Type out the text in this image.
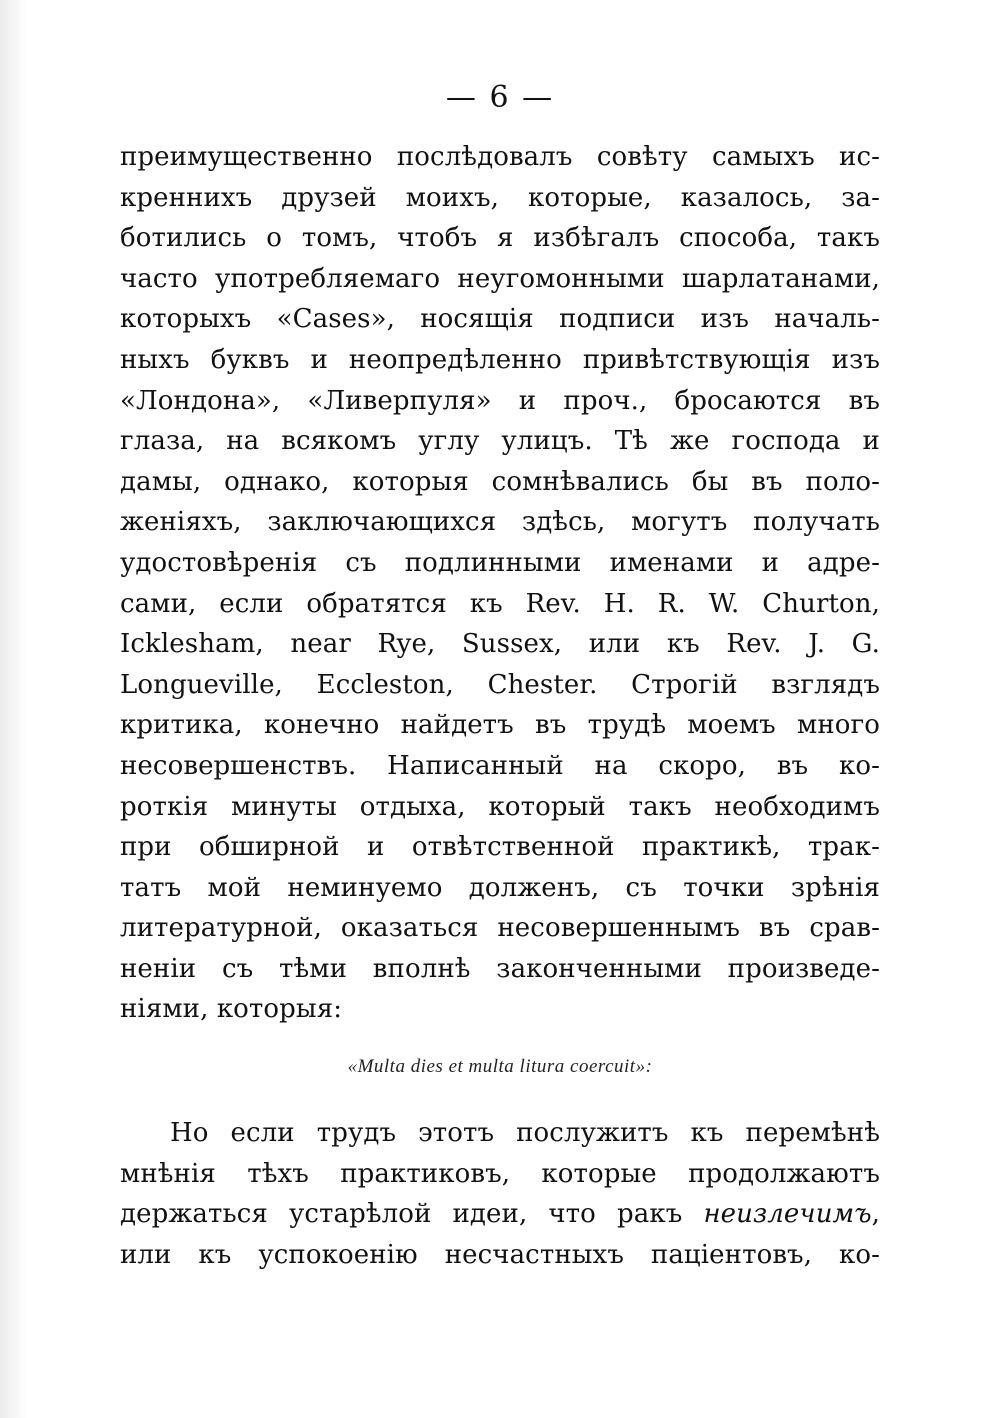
— 6 —
преимущественно послѣдовалъ совѣту самыхъ ис-
кренниxъ друзей моихъ, которые, казалось, за-
ботились о томъ, чтобъ я избѣгалъ способа, такъ
часто употребляемаго неугомонными шарлатанами,
которыхъ «Cases», носящія подписи изъ началь-
ныхъ буквъ и неопредѣленно привѣтствующія изъ
«Лондона», «Ливерпуля» и проч., бросаются въ
глаза, на всякомъ углу улицъ. Тѣ же господа и
дамы, однако, которыя сомнѣвались бы въ поло-
женіяхъ, заключающихся здѣсь, могутъ получать
удостовѣренія съ подлинными именами и адре-
сами, если обратятся къ Rev. H. R. W. Churton,
Icklesham, near Rye, Sussex, или къ Rev. J. G.
Longueville, Eccleston, Chester. Строгій взглядъ
критика, конечно найдетъ въ трудѣ моемъ много
несовершенствъ. Написанный на скоро, въ ко-
роткія минуты отдыха, который такъ необходимъ
при обширной и отвѣтственной практикѣ, трак-
татъ мой неминуемо долженъ, съ точки зрѣнія
литературной, оказаться несовершеннымъ въ срав-
неніи съ тѣми вполнѣ законченными произведе-
ніями, которыя:
«Multa dies et multa litura coercuit»:
Но если трудъ этотъ послужитъ къ перемѣнѣ
мнѣнія тѣхъ практиковъ, которые продолжаютъ
держаться устарѣлой идеи, что ракъ неизлечимъ,
или къ успокоенію несчастныхъ паціентовъ, ко-
